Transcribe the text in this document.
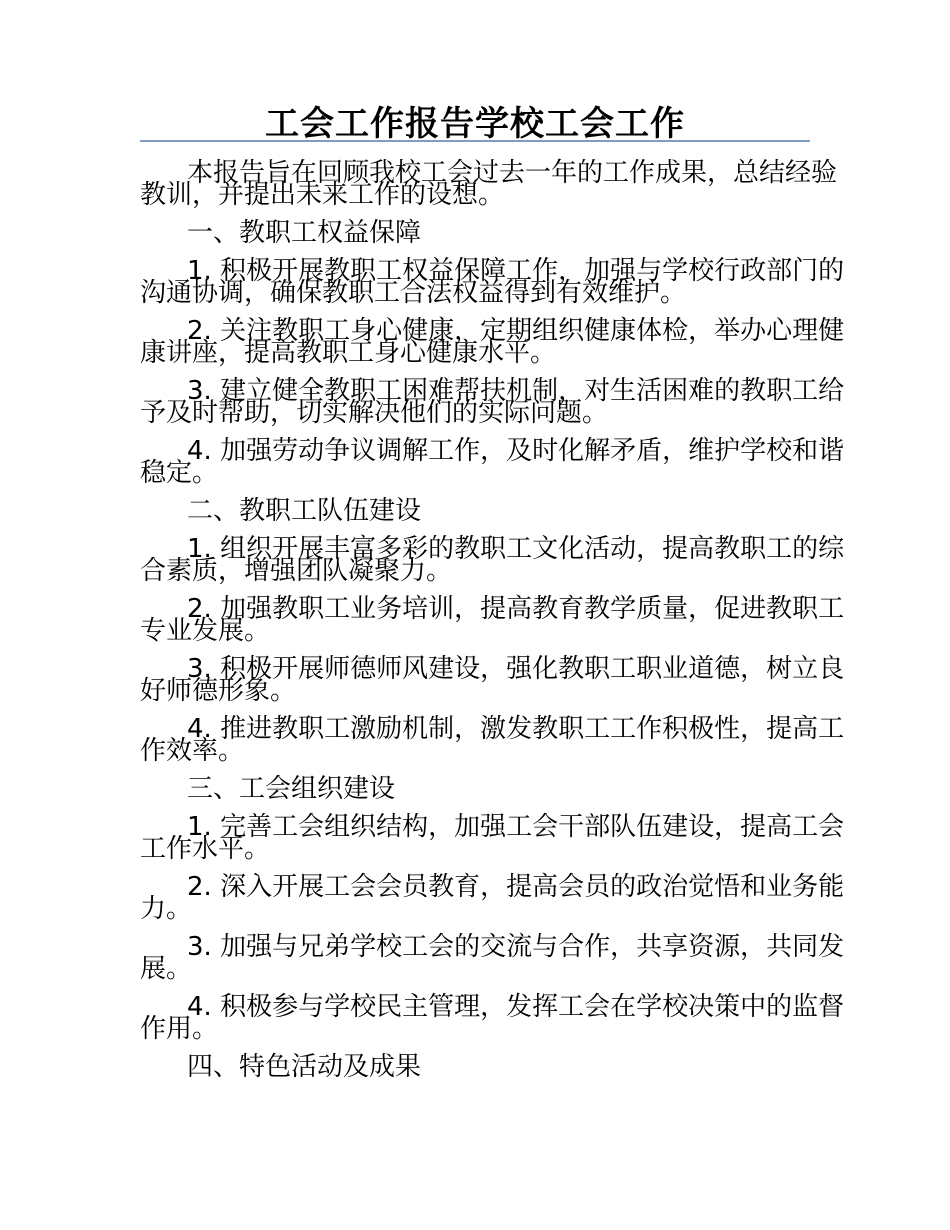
工会工作报告学校工会工作

本报告旨在回顾我校工会过去一年的工作成果，总结经验
教训，并提出未来工作的设想。

一、教职工权益保障

1. 积极开展教职工权益保障工作，加强与学校行政部门的
沟通协调，确保教职工合法权益得到有效维护。

2. 关注教职工身心健康，定期组织健康体检，举办心理健
康讲座，提高教职工身心健康水平。

3. 建立健全教职工困难帮扶机制，对生活困难的教职工给
予及时帮助，切实解决他们的实际问题。

4. 加强劳动争议调解工作，及时化解矛盾，维护学校和谐
稳定。

二、教职工队伍建设

1. 组织开展丰富多彩的教职工文化活动，提高教职工的综
合素质，增强团队凝聚力。

2. 加强教职工业务培训，提高教育教学质量，促进教职工
专业发展。

3. 积极开展师德师风建设，强化教职工职业道德，树立良
好师德形象。

4. 推进教职工激励机制，激发教职工工作积极性，提高工
作效率。

三、工会组织建设

1. 完善工会组织结构，加强工会干部队伍建设，提高工会
工作水平。

2. 深入开展工会会员教育，提高会员的政治觉悟和业务能
力。

3. 加强与兄弟学校工会的交流与合作，共享资源，共同发
展。

4. 积极参与学校民主管理，发挥工会在学校决策中的监督
作用。

四、特色活动及成果
